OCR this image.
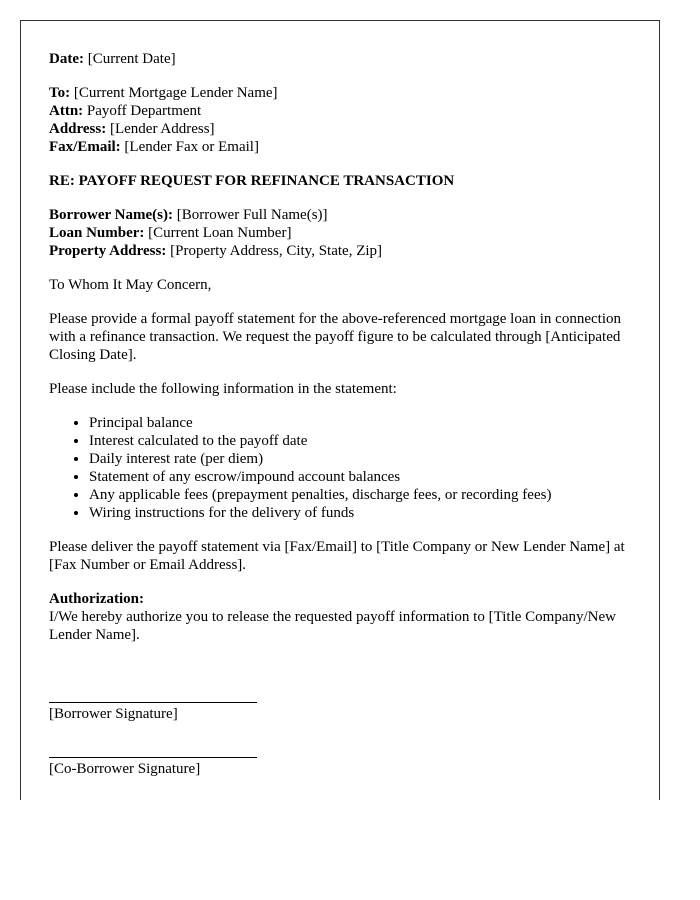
Date: [Current Date]

To: [Current Mortgage Lender Name]
Attn: Payoff Department
Address: [Lender Address]
Fax/Email: [Lender Fax or Email]

RE: PAYOFF REQUEST FOR REFINANCE TRANSACTION

Borrower Name(s): [Borrower Full Name(s)]
Loan Number: [Current Loan Number]
Property Address: [Property Address, City, State, Zip]

To Whom It May Concern,

Please provide a formal payoff statement for the above-referenced mortgage loan in connection with a refinance transaction. We request the payoff figure to be calculated through [Anticipated Closing Date].

Please include the following information in the statement:

• Principal balance
• Interest calculated to the payoff date
• Daily interest rate (per diem)
• Statement of any escrow/impound account balances
• Any applicable fees (prepayment penalties, discharge fees, or recording fees)
• Wiring instructions for the delivery of funds

Please deliver the payoff statement via [Fax/Email] to [Title Company or New Lender Name] at [Fax Number or Email Address].

Authorization:
I/We hereby authorize you to release the requested payoff information to [Title Company/New Lender Name].

[Borrower Signature]
[Co-Borrower Signature]
